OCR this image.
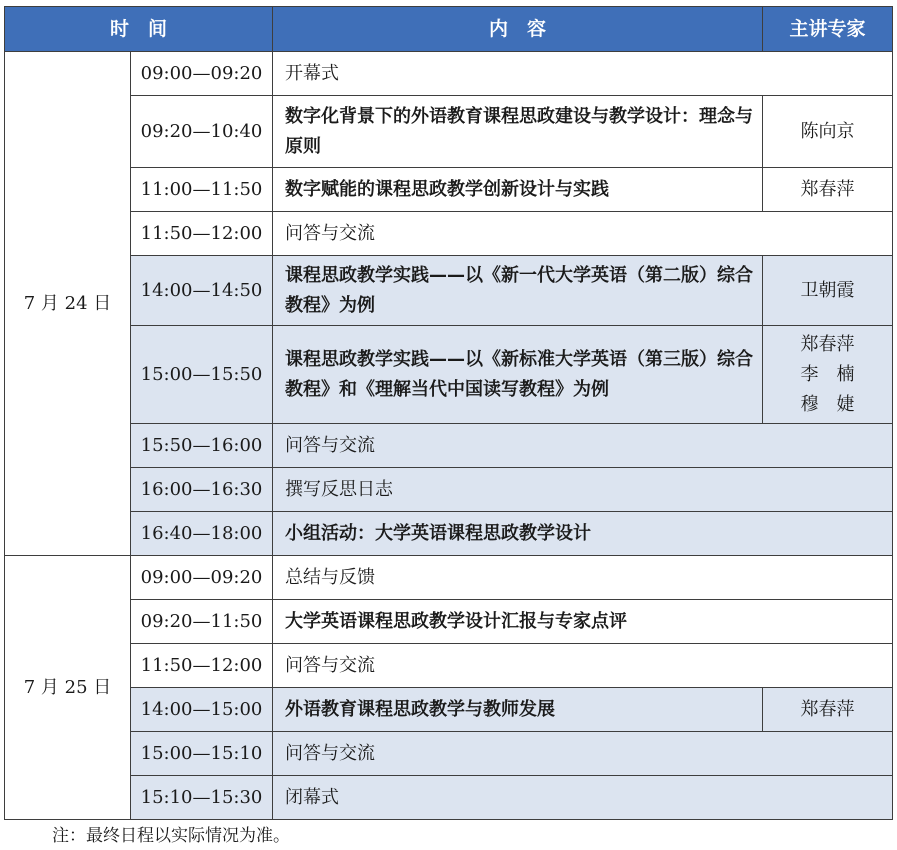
时　间		内　容	主讲专家
7 月 24 日	09:00—09:20	开幕式	
	09:20—10:40	数字化背景下的外语教育课程思政建设与教学设计：理念与原则	陈向京

	11:00—11:50	数字赋能的课程思政教学创新设计与实践	郑春萍

	11:50—12:00	问答与交流	
	14:00—14:50	课程思政教学实践——以《新一代大学英语（第二版）综合教程》为例	卫朝霞

	15:00—15:50	课程思政教学实践——以《新标准大学英语（第三版）综合教程》和《理解当代中国读写教程》为例	郑春萍
李　楠
穆　婕

	15:50—16:00	问答与交流	
	16:00—16:30	撰写反思日志	
	16:40—18:00	小组活动：大学英语课程思政教学设计	
7 月 25 日	09:00—09:20	总结与反馈	
	09:20—11:50	大学英语课程思政教学设计汇报与专家点评	
	11:50—12:00	问答与交流	
	14:00—15:00	外语教育课程思政教学与教师发展	郑春萍

	15:00—15:10	问答与交流	
	15:10—15:30	闭幕式	
注：最终日程以实际情况为准。
